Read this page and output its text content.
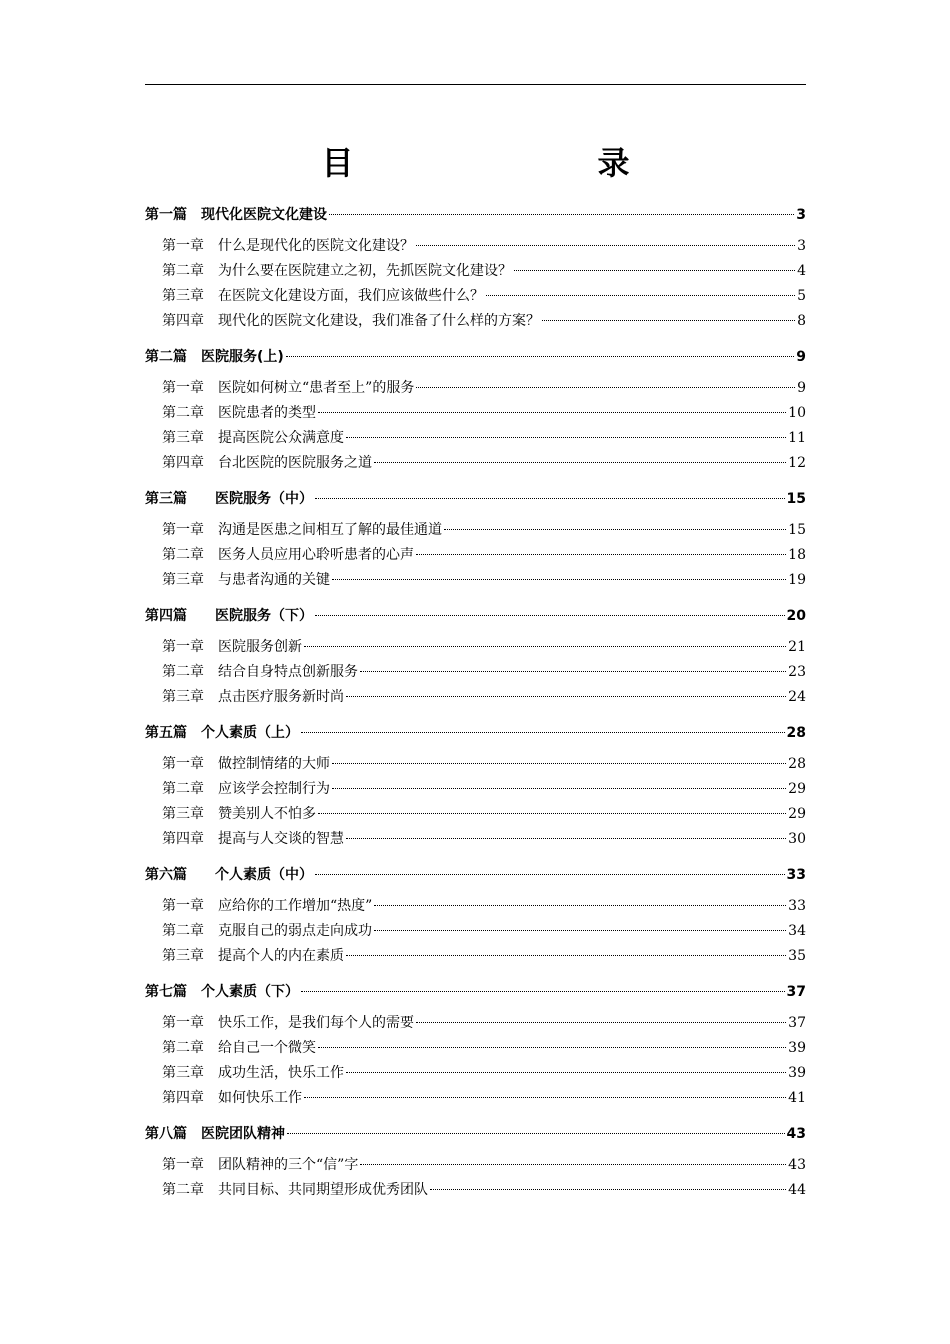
目　　录
第一篇 现代化医院文化建设	3
第一章 什么是现代化的医院文化建设？	3
第二章 为什么要在医院建立之初，先抓医院文化建设？	4
第三章 在医院文化建设方面，我们应该做些什么？	5
第四章 现代化的医院文化建设，我们准备了什么样的方案？	8
第二篇 医院服务(上)	9
第一章 医院如何树立“患者至上”的服务	9
第二章 医院患者的类型	10
第三章 提高医院公众满意度	11
第四章 台北医院的医院服务之道	12
第三篇　医院服务（中）	15
第一章 沟通是医患之间相互了解的最佳通道	15
第二章 医务人员应用心聆听患者的心声	18
第三章 与患者沟通的关键	19
第四篇　医院服务（下）	20
第一章 医院服务创新	21
第二章 结合自身特点创新服务	23
第三章 点击医疗服务新时尚	24
第五篇 个人素质（上）	28
第一章 做控制情绪的大师	28
第二章 应该学会控制行为	29
第三章 赞美别人不怕多	29
第四章 提高与人交谈的智慧	30
第六篇　个人素质（中）	33
第一章 应给你的工作增加“热度”	33
第二章 克服自己的弱点走向成功	34
第三章 提高个人的内在素质	35
第七篇 个人素质（下）	37
第一章 快乐工作，是我们每个人的需要	37
第二章 给自己一个微笑	39
第三章 成功生活，快乐工作	39
第四章 如何快乐工作	41
第八篇 医院团队精神	43
第一章 团队精神的三个“信”字	43
第二章 共同目标、共同期望形成优秀团队	44
